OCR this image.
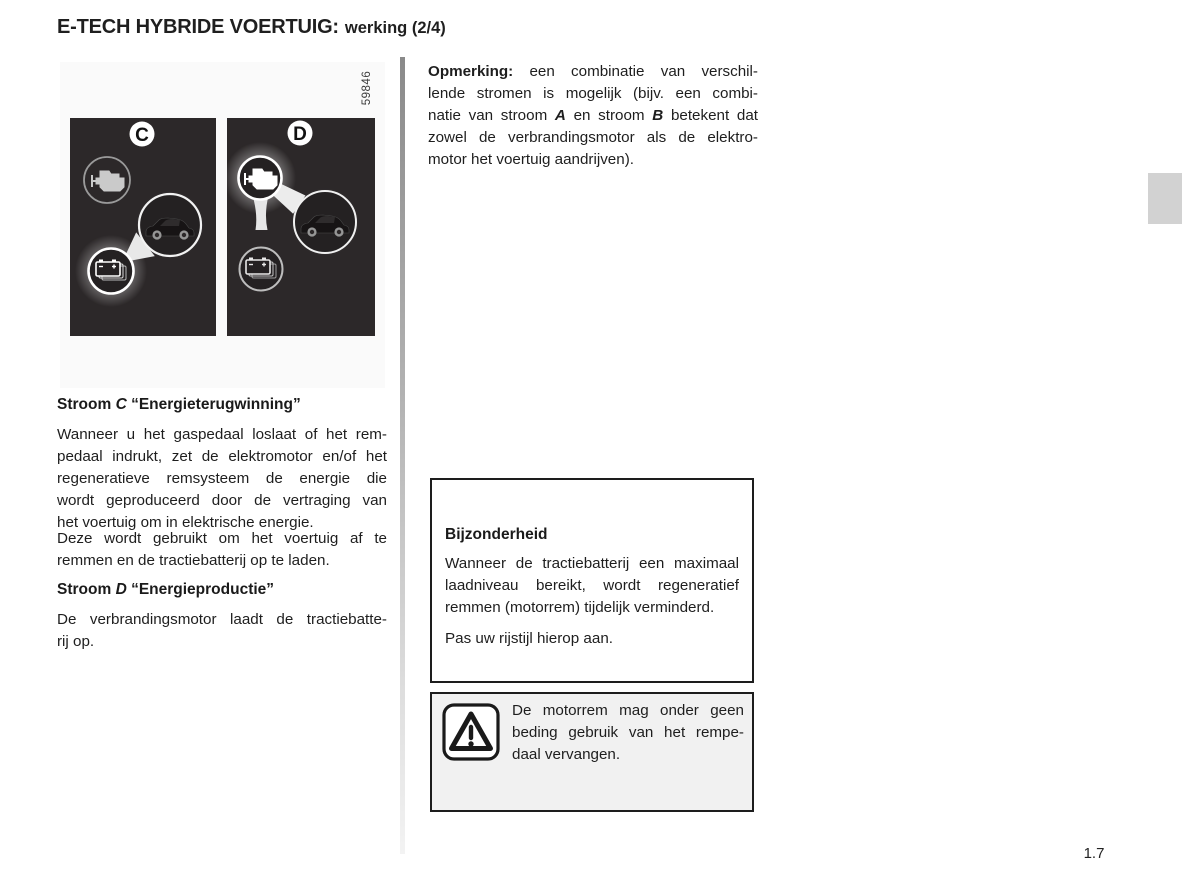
E-TECH HYBRIDE VOERTUIG: werking (2/4)
C	D
59846
Stroom C “Energieterugwinning”
Wanneer u het gaspedaal loslaat of het rem-
pedaal indrukt, zet de elektromotor en/of het
regeneratieve remsysteem de energie die
wordt geproduceerd door de vertraging van
het voertuig om in elektrische energie.
Deze wordt gebruikt om het voertuig af te
remmen en de tractiebatterij op te laden.
Stroom D “Energieproductie”
De verbrandingsmotor laadt de tractiebatte-
rij op.
Opmerking: een combinatie van verschil-
lende stromen is mogelijk (bijv. een combi-
natie van stroom A en stroom B betekent dat
zowel de verbrandingsmotor als de elektro-
motor het voertuig aandrijven).
Bijzonderheid
Wanneer de tractiebatterij een maximaal
laadniveau bereikt, wordt regeneratief
remmen (motorrem) tijdelijk verminderd.
Pas uw rijstijl hierop aan.
De motorrem mag onder geen
beding gebruik van het rempe-
daal vervangen.
1.7
